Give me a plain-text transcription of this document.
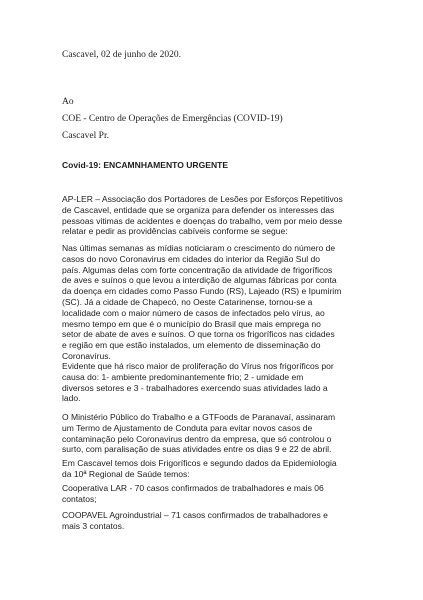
Cascavel, 02 de junho de 2020.

Ao

COE - Centro de Operações de Emergências (COVID-19)

Cascavel Pr.

Covid-19: ENCAMNHAMENTO URGENTE

AP-LER – Associação dos Portadores de Lesões por Esforços Repetitivos
de Cascavel, entidade que se organiza para defender os interesses das
pessoas vitimas de acidentes e doenças do trabalho, vem por meio desse
relatar e pedir as providências cabíveis conforme se segue:
Nas últimas semanas as mídias noticiaram o crescimento do número de
casos do novo Coronavirus em cidades do interior da Região Sul do
país. Algumas delas com forte concentração da atividade de frigoríficos
de aves e suínos o que levou a interdição de algumas fábricas por conta
da doença em cidades como Passo Fundo (RS), Lajeado (RS) e Ipumirim
(SC). Já a cidade de Chapecó, no Oeste Catarinense, tornou-se a
localidade com o maior número de casos de infectados pelo vírus, ao
mesmo tempo em que é o município do Brasil que mais emprega no
setor de abate de aves e suínos. O que torna os frigoríficos nas cidades
e região em que estão instalados, um elemento de disseminação do
Coronavírus.
Evidente que há risco maior de proliferação do Vírus nos frigoríficos por
causa do: 1- ambiente predominantemente frio; 2 - umidade em
diversos setores e 3 - trabalhadores exercendo suas atividades lado a
lado.
O Ministério Público do Trabalho e a GTFoods de Paranavaí, assinaram
um Termo de Ajustamento de Conduta para evitar novos casos de
contaminação pelo Coronavirus dentro da empresa, que só controlou o
surto, com paralisação de suas atividades entre os dias 9 e 22 de abril.
Em Cascavel temos dois Frigoríficos e segundo dados da Epidemiologia
da 10ª Regional de Saúde temos:
Cooperativa LAR - 70 casos confirmados de trabalhadores e mais 06
contatos;
COOPAVEL Agroindustrial – 71 casos confirmados de trabalhadores e
mais 3 contatos.
